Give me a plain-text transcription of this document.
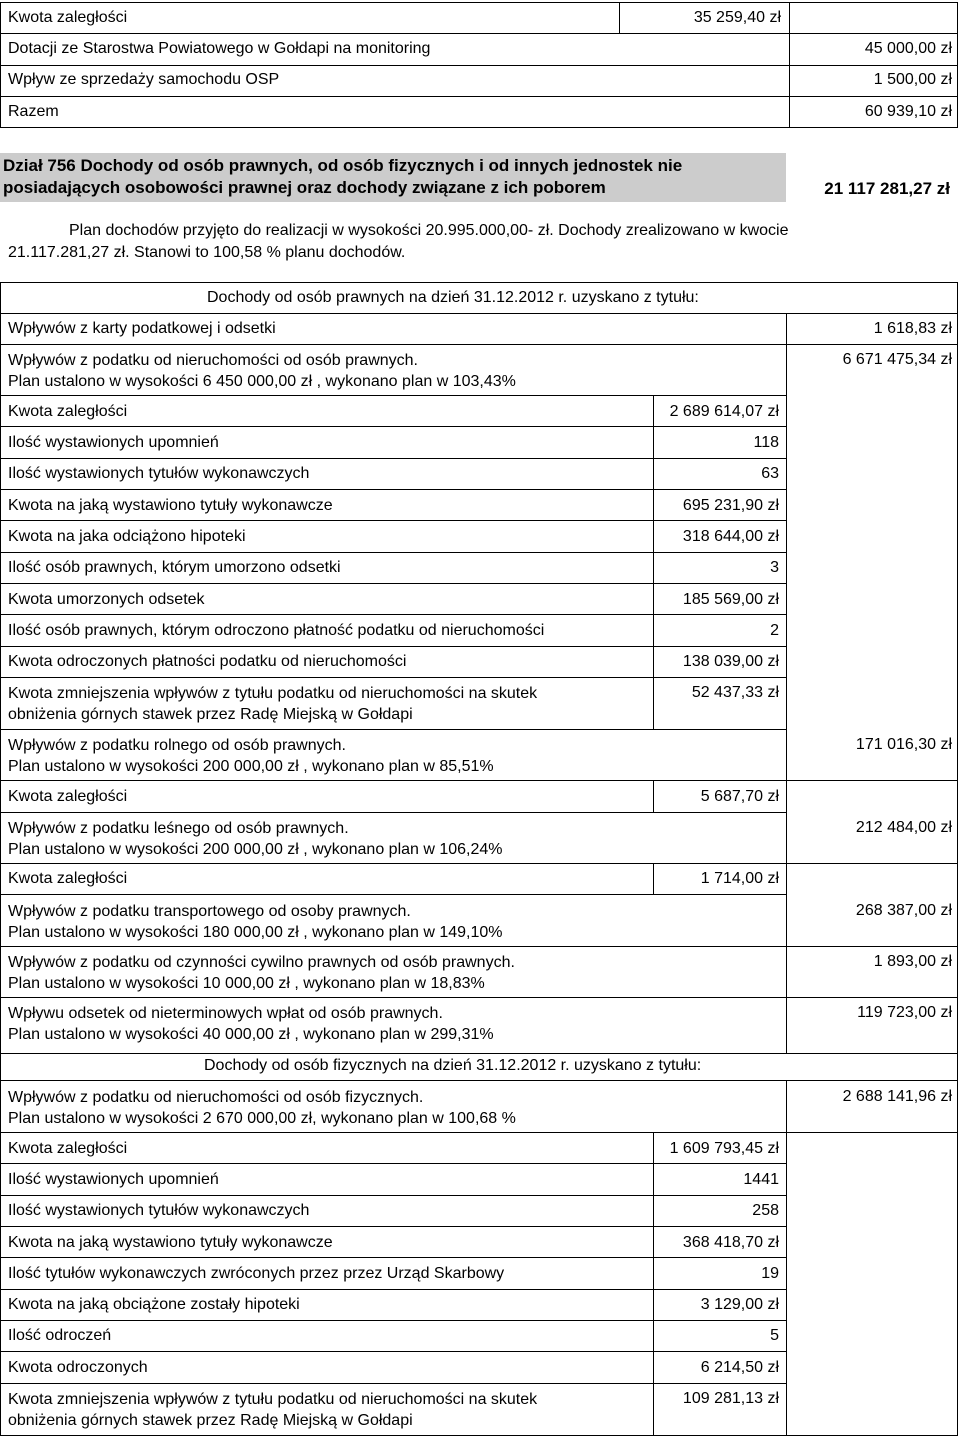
Kwota zaległości	35 259,40 zł
Dotacji ze Starostwa Powiatowego w Gołdapi na monitoring	45 000,00 zł
Wpływ ze sprzedaży samochodu OSP	1 500,00 zł
Razem	60 939,10 zł
Dział 756 Dochody od osób prawnych, od osób fizycznych i od innych jednostek nie
posiadających osobowości prawnej oraz dochody związane z ich poborem	21 117 281,27 zł
Plan dochodów przyjęto do realizacji w wysokości 20.995.000,00- zł. Dochody zrealizowano w kwocie
21.117.281,27 zł. Stanowi to 100,58 % planu dochodów.
Dochody od osób prawnych na dzień 31.12.2012 r. uzyskano z tytułu:
Wpływów z karty podatkowej i odsetki	1 618,83 zł
Wpływów z podatku od nieruchomości od osób prawnych.
Plan ustalono w wysokości 6 450 000,00 zł , wykonano plan w 103,43%
6 671 475,34 zł
Kwota zaległości	2 689 614,07 zł
Ilość wystawionych upomnień	118
Ilość wystawionych tytułów wykonawczych	63
Kwota na jaką wystawiono tytuły wykonawcze	695 231,90 zł
Kwota na jaka odciążono hipoteki	318 644,00 zł
Ilość osób prawnych, którym umorzono odsetki	3
Kwota umorzonych odsetek	185 569,00 zł
Ilość osób prawnych, którym odroczono płatność podatku od nieruchomości	2
Kwota odroczonych płatności podatku od nieruchomości	138 039,00 zł
Kwota zmniejszenia wpływów z tytułu podatku od nieruchomości na skutek
obniżenia górnych stawek przez Radę Miejską w Gołdapi
52 437,33 zł
Wpływów z podatku rolnego od osób prawnych.
Plan ustalono w wysokości 200 000,00 zł , wykonano plan w 85,51%
171 016,30 zł
Kwota zaległości	5 687,70 zł
Wpływów z podatku leśnego od osób prawnych.
Plan ustalono w wysokości 200 000,00 zł , wykonano plan w 106,24%
212 484,00 zł
Kwota zaległości	1 714,00 zł
Wpływów z podatku transportowego od osoby prawnych.
Plan ustalono w wysokości 180 000,00 zł , wykonano plan w 149,10%
268 387,00 zł
Wpływów z podatku od czynności cywilno prawnych od osób prawnych.
Plan ustalono w wysokości 10 000,00 zł , wykonano plan w 18,83%
1 893,00 zł
Wpływu odsetek od nieterminowych wpłat od osób prawnych.
Plan ustalono w wysokości 40 000,00 zł , wykonano plan w 299,31%
119 723,00 zł
Dochody od osób fizycznych na dzień 31.12.2012 r. uzyskano z tytułu:
Wpływów z podatku od nieruchomości od osób fizycznych.
Plan ustalono w wysokości 2 670 000,00 zł, wykonano plan w 100,68 %
2 688 141,96 zł
Kwota zaległości	1 609 793,45 zł
Ilość wystawionych upomnień	1441
Ilość wystawionych tytułów wykonawczych	258
Kwota na jaką wystawiono tytuły wykonawcze	368 418,70 zł
Ilość tytułów wykonawczych zwróconych przez przez Urząd Skarbowy	19
Kwota na jaką obciążone zostały hipoteki	3 129,00 zł
Ilość odroczeń	5
Kwota odroczonych	6 214,50 zł
Kwota zmniejszenia wpływów z tytułu podatku od nieruchomości na skutek
obniżenia górnych stawek przez Radę Miejską w Gołdapi
109 281,13 zł
